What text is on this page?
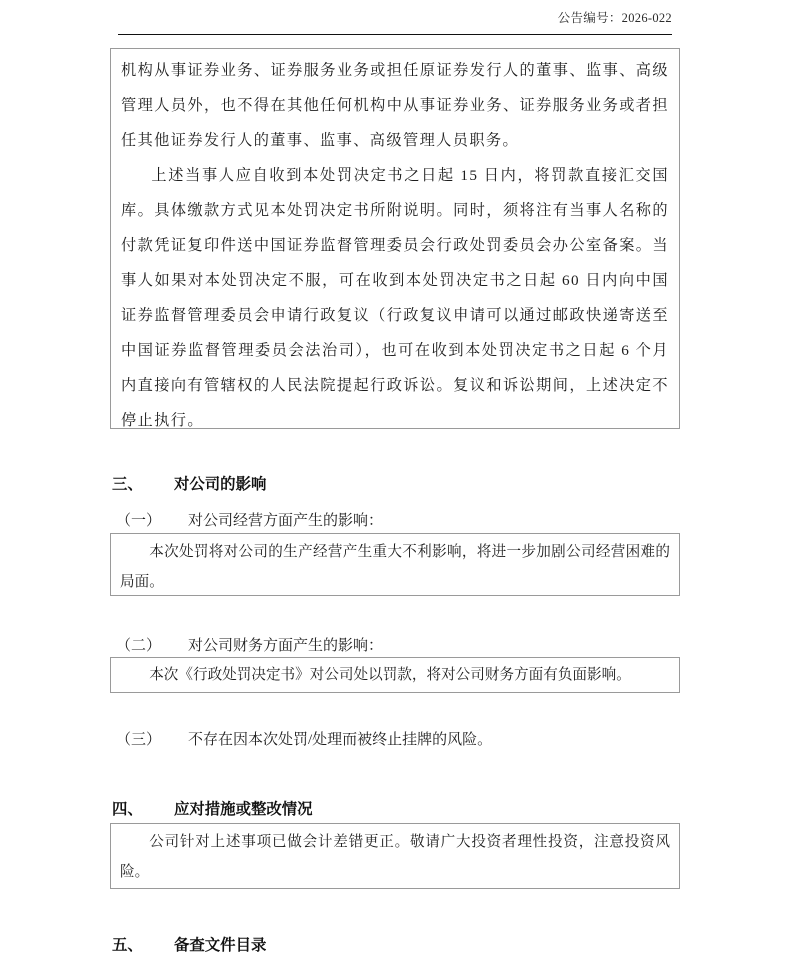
公告编号：2026-022

机构从事证券业务、证券服务业务或担任原证券发行人的董事、监事、高级管理人员外，也不得在其他任何机构中从事证券业务、证券服务业务或者担任其他证券发行人的董事、监事、高级管理人员职务。

上述当事人应自收到本处罚决定书之日起 15 日内，将罚款直接汇交国库。具体缴款方式见本处罚决定书所附说明。同时，须将注有当事人名称的付款凭证复印件送中国证券监督管理委员会行政处罚委员会办公室备案。当事人如果对本处罚决定不服，可在收到本处罚决定书之日起 60 日内向中国证券监督管理委员会申请行政复议（行政复议申请可以通过邮政快递寄送至中国证券监督管理委员会法治司），也可在收到本处罚决定书之日起 6 个月内直接向有管辖权的人民法院提起行政诉讼。复议和诉讼期间，上述决定不停止执行。

三、 对公司的影响
（一） 对公司经营方面产生的影响：

本次处罚将对公司的生产经营产生重大不利影响，将进一步加剧公司经营困难的局面。

（二） 对公司财务方面产生的影响：

本次《行政处罚决定书》对公司处以罚款，将对公司财务方面有负面影响。

（三） 不存在因本次处罚/处理而被终止挂牌的风险。
四、 应对措施或整改情况

公司针对上述事项已做会计差错更正。敬请广大投资者理性投资，注意投资风险。

五、 备查文件目录
